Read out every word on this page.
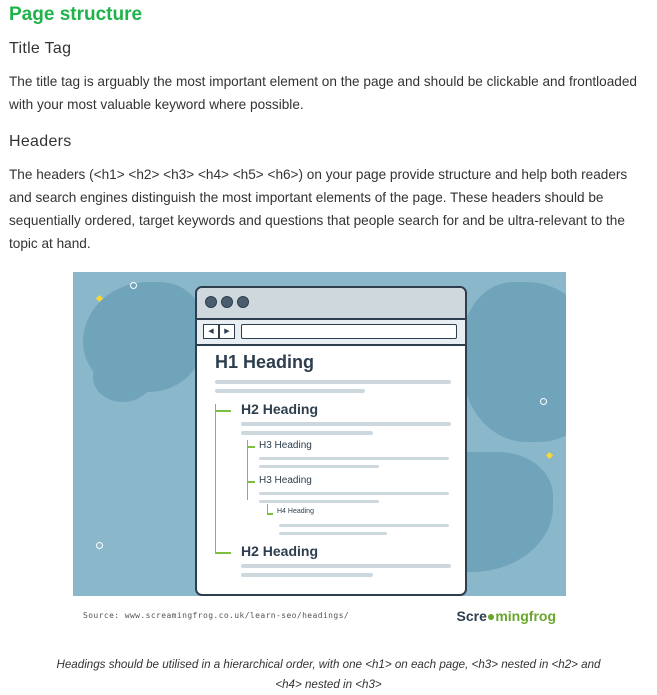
Page structure
Title Tag

The title tag is arguably the most important element on the page and should be clickable and frontloaded with your most valuable keyword where possible.

Headers

The headers (<h1> <h2> <h3> <h4> <h5> <h6>) on your page provide structure and help both readers and search engines distinguish the most important elements of the page. These headers should be sequentially ordered, target keywords and questions that people search for and be ultra-relevant to the topic at hand.

◀	▶
H1 Heading
H2 Heading
H3 Heading
H3 Heading
H4 Heading
H2 Heading
Source: www.screamingfrog.co.uk/learn-seo/headings/	Scre●mingfrog
Headings should be utilised in a hierarchical order, with one <h1> on each page, <h3> nested in <h2> and
<h4> nested in <h3>
